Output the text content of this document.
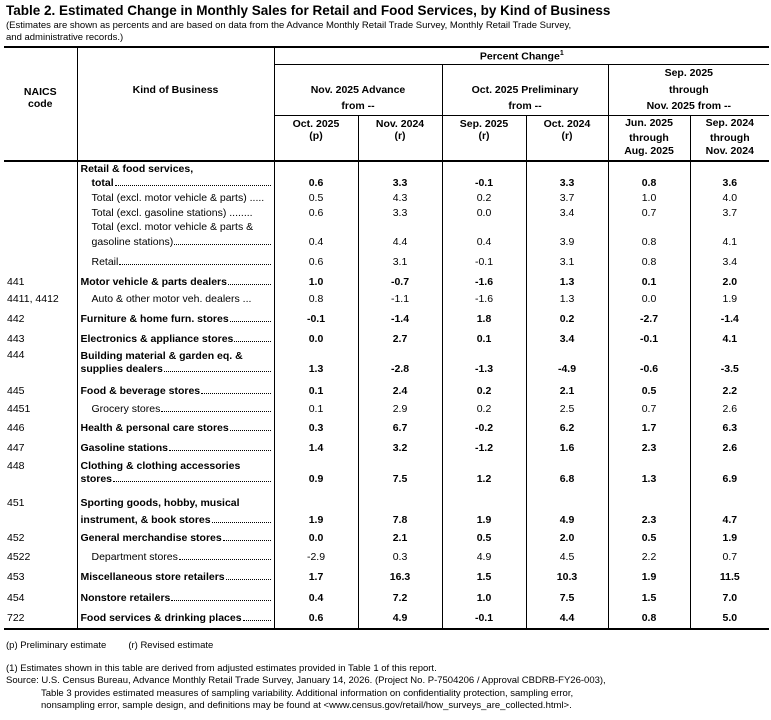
Table 2. Estimated Change in Monthly Sales for Retail and Food Services, by Kind of Business
(Estimates are shown as percents and are based on data from the Advance Monthly Retail Trade Survey, Monthly Retail Trade Survey,
and administrative records.)
		Percent Change$^1$
						Sep. 2025	
NAICS	Kind of Business	Nov. 2025 Advance		Oct. 2025 Preliminary		through	
code		from --		from --		Nov. 2025 from --	
		Oct. 2025	Nov. 2024	Sep. 2025	Oct. 2024	Jun. 2025	Sep. 2024
		(p)	(r)	(r)	(r)	through	through
						Aug. 2025	Nov. 2024
	Retail & food services,						

	total	0.6	3.3	-0.1	3.3	0.8	3.6
	Total (excl. motor vehicle & parts) .....	0.5	4.3	0.2	3.7	1.0	4.0
	Total (excl. gasoline stations) ........	0.6	3.3	0.0	3.4	0.7	3.7
	Total (excl. motor vehicle & parts &						

	gasoline stations)	0.4	4.4	0.4	3.9	0.8	4.1

	Retail	0.6	3.1	-0.1	3.1	0.8	3.4
441	Motor vehicle & parts dealers	1.0	-0.7	-1.6	1.3	0.1	2.0
4411, 4412	Auto & other motor veh. dealers ...	0.8	-1.1	-1.6	1.3	0.0	1.9
442	Furniture & home furn. stores	-0.1	-1.4	1.8	0.2	-2.7	-1.4
443	Electronics & appliance stores	0.0	2.7	0.1	3.4	-0.1	4.1
444	Building material & garden eq. &						

	supplies dealers	1.3	-2.8	-1.3	-4.9	-0.6	-3.5
445	Food & beverage stores	0.1	2.4	0.2	2.1	0.5	2.2
4451	Grocery stores	0.1	2.9	0.2	2.5	0.7	2.6
446	Health & personal care stores	0.3	6.7	-0.2	6.2	1.7	6.3
447	Gasoline stations	1.4	3.2	-1.2	1.6	2.3	2.6
448	Clothing & clothing accessories						

	stores	0.9	7.5	1.2	6.8	1.3	6.9
451	Sporting goods, hobby, musical						

	instrument, & book stores	1.9	7.8	1.9	4.9	2.3	4.7
452	General merchandise stores	0.0	2.1	0.5	2.0	0.5	1.9
4522	Department stores	-2.9	0.3	4.9	4.5	2.2	0.7
453	Miscellaneous store retailers	1.7	16.3	1.5	10.3	1.9	11.5
454	Nonstore retailers	0.4	7.2	1.0	7.5	1.5	7.0
722	Food services & drinking places	0.6	4.9	-0.1	4.4	0.8	5.0
(p) Preliminary estimate (r) Revised estimate
(1) Estimates shown in this table are derived from adjusted estimates provided in Table 1 of this report.
Source: U.S. Census Bureau, Advance Monthly Retail Trade Survey, January 14, 2026. (Project No. P-7504206 / Approval CBDRB-FY26-003),
Table 3 provides estimated measures of sampling variability. Additional information on confidentiality protection, sampling error,
nonsampling error, sample design, and definitions may be found at <www.census.gov/retail/how_surveys_are_collected.html>.
